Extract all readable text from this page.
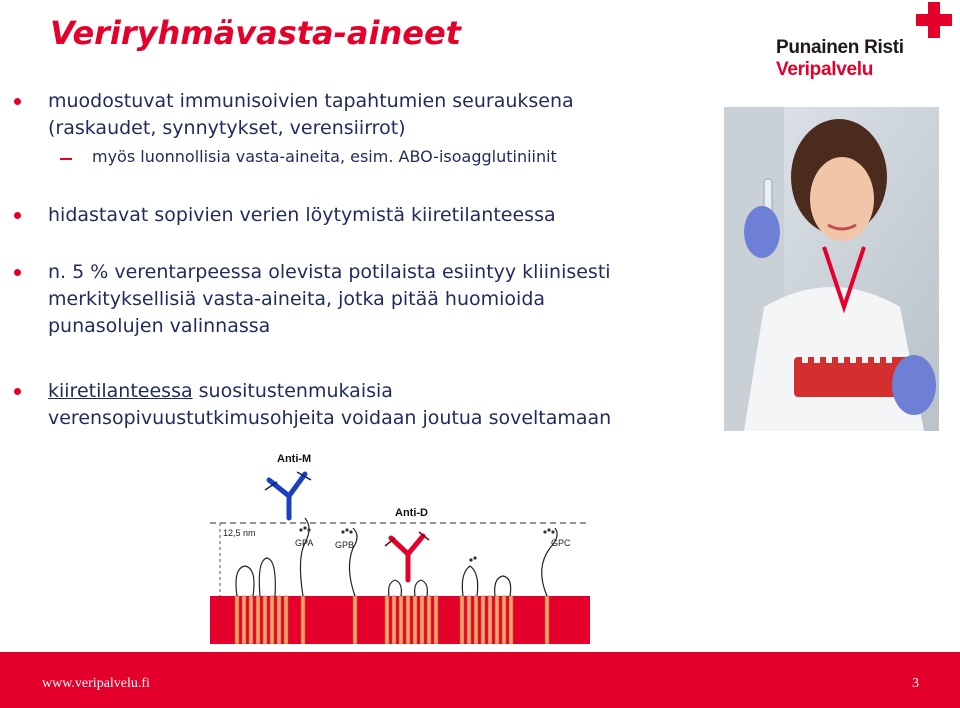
Veriryhmävasta-aineet	Punainen Risti
Veripalvelu
muodostuvat immunisoivien tapahtumien seurauksena
(raskaudet, synnytykset, verensiirrot)
myös luonnollisia vasta-aineita, esim. ABO-isoagglutiniinit
hidastavat sopivien verien löytymistä kiiretilanteessa
n. 5 % verentarpeessa olevista potilaista esiintyy kliinisesti
merkityksellisiä vasta-aineita, jotka pitää huomioida
punasolujen valinnassa
kiiretilanteessa suositustenmukaisia
verensopivuustutkimusohjeita voidaan joutua soveltamaan
12,5 nm
GPA GPB	GPC
Anti-M
Anti-D
www.veripalvelu.fi	3
